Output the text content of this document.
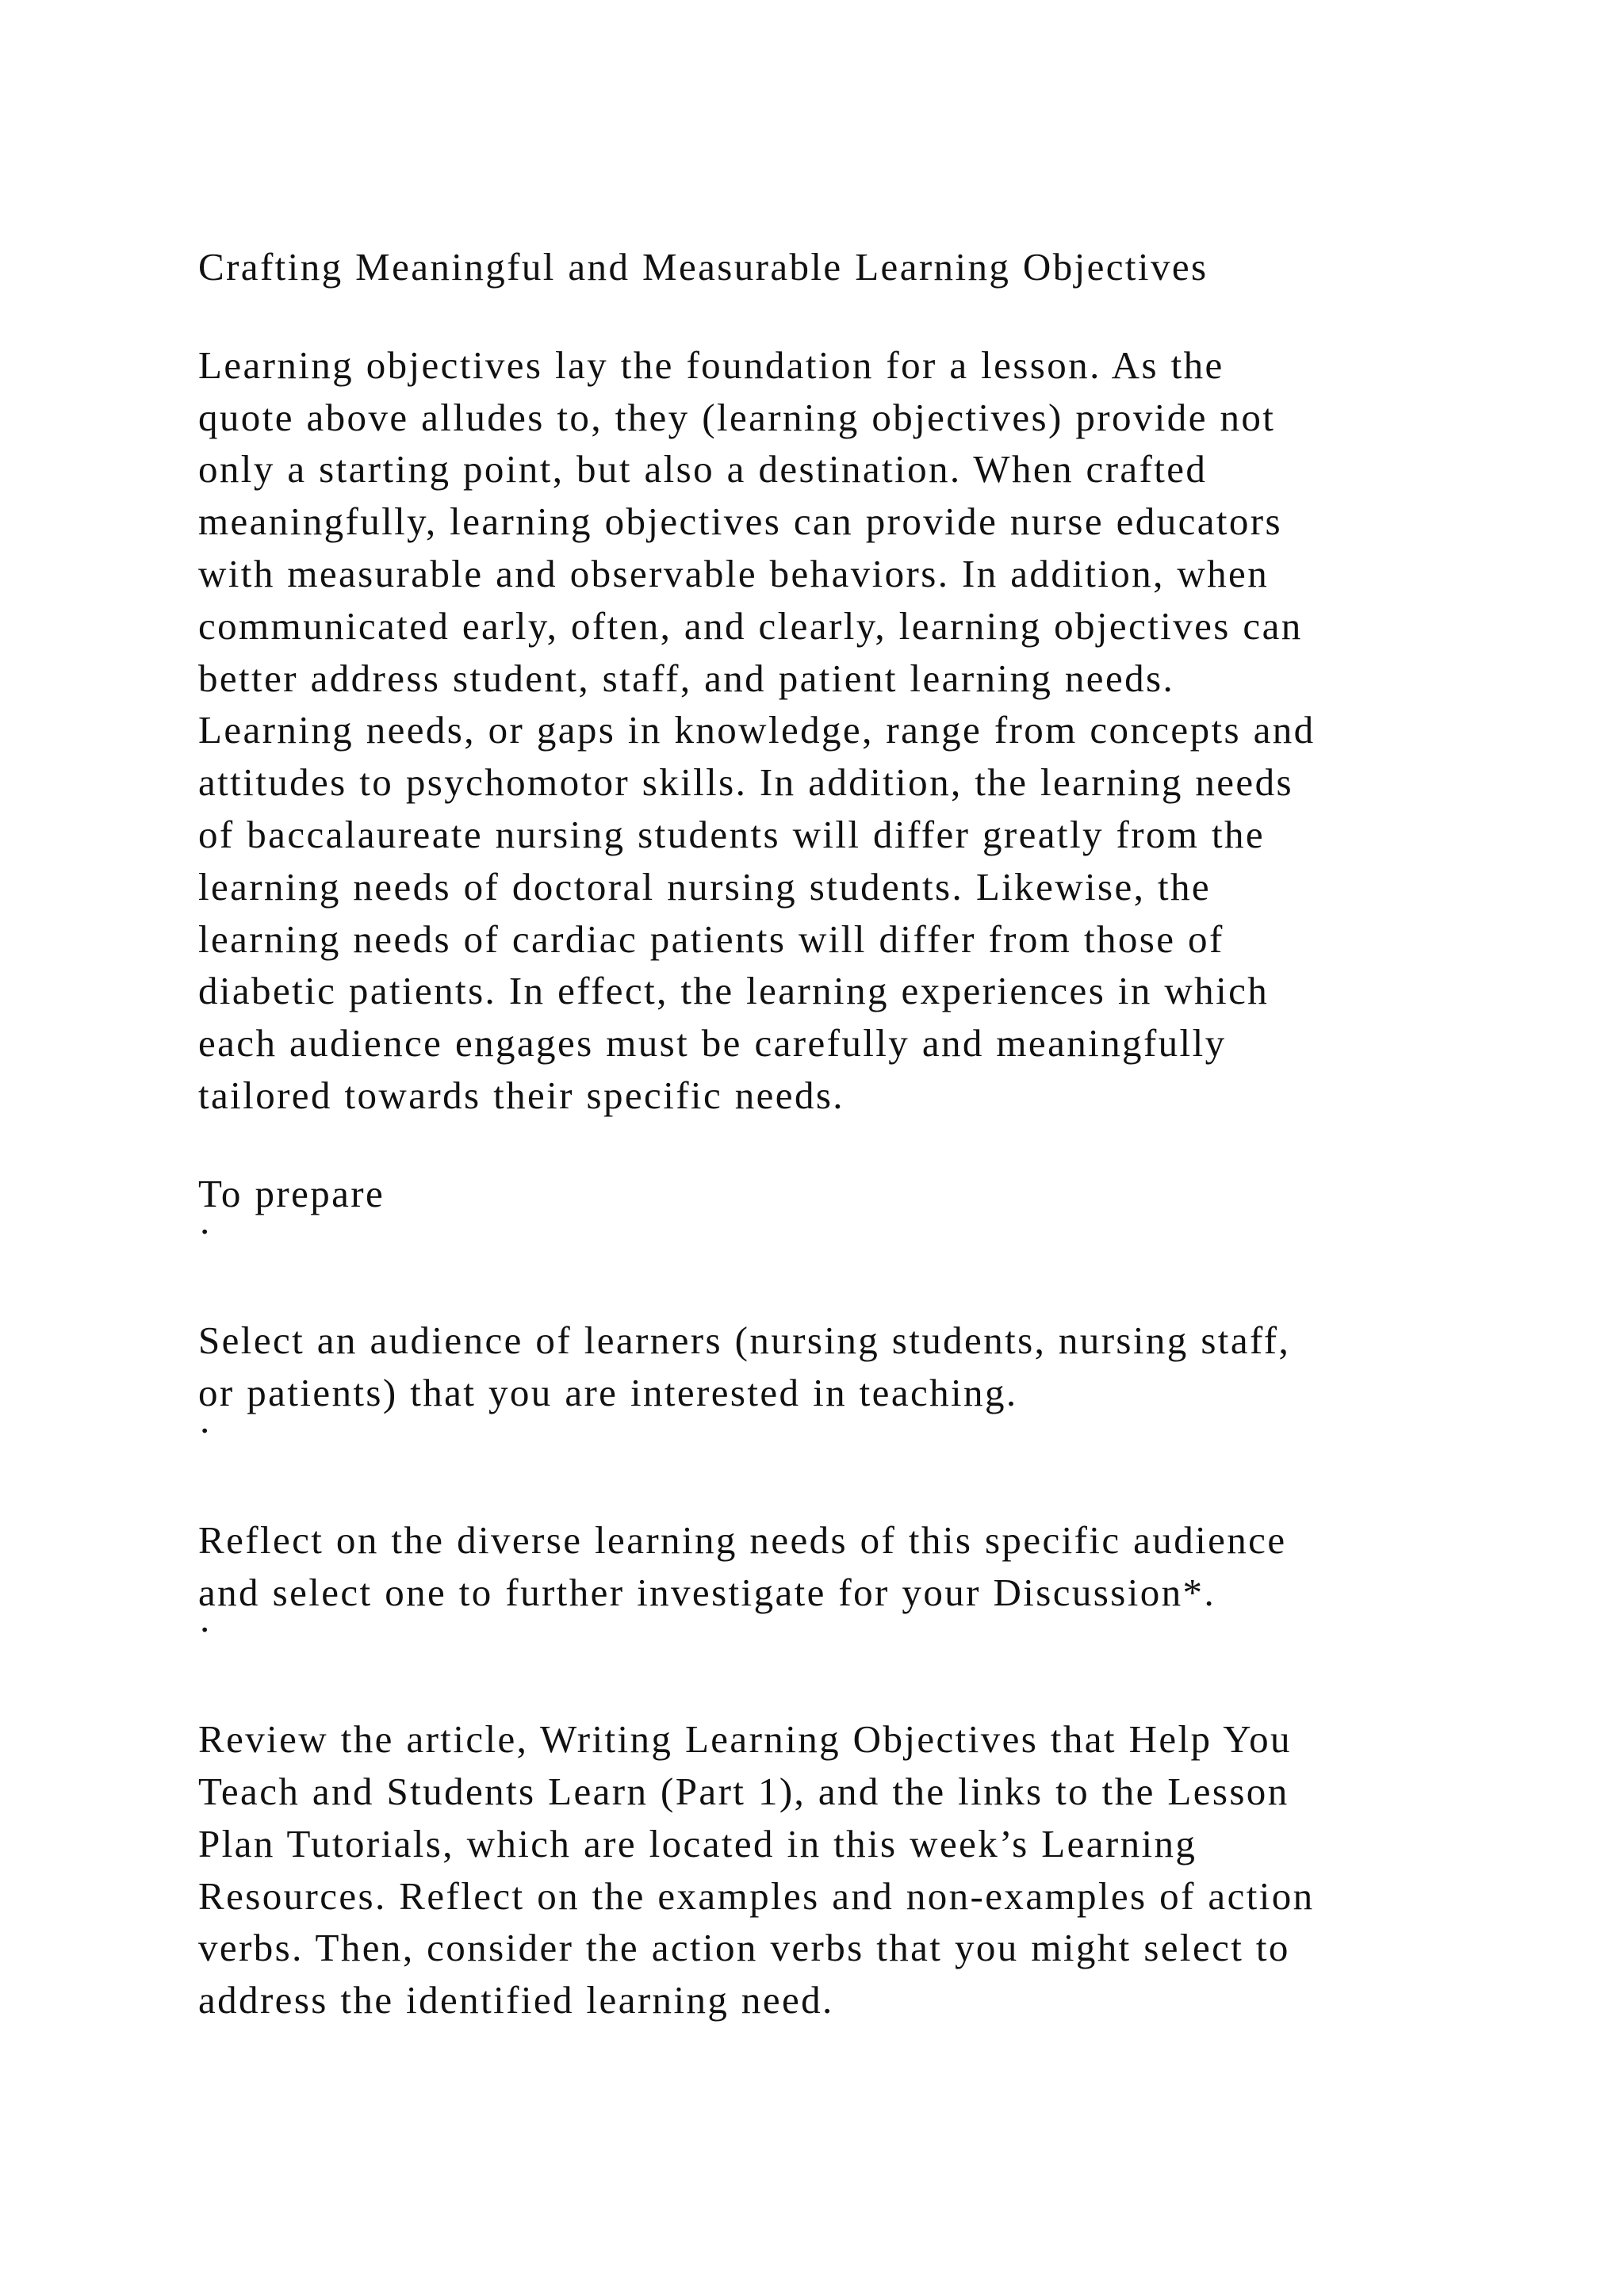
Crafting Meaningful and Measurable Learning Objectives
Learning objectives lay the foundation for a lesson. As the
quote above alludes to, they (learning objectives) provide not
only a starting point, but also a destination. When crafted
meaningfully, learning objectives can provide nurse educators
with measurable and observable behaviors. In addition, when
communicated early, often, and clearly, learning objectives can
better address student, staff, and patient learning needs.
Learning needs, or gaps in knowledge, range from concepts and
attitudes to psychomotor skills. In addition, the learning needs
of baccalaureate nursing students will differ greatly from the
learning needs of doctoral nursing students. Likewise, the
learning needs of cardiac patients will differ from those of
diabetic patients. In effect, the learning experiences in which
each audience engages must be carefully and meaningfully
tailored towards their specific needs.
To prepare
·
Select an audience of learners (nursing students, nursing staff,
or patients) that you are interested in teaching.
·
Reflect on the diverse learning needs of this specific audience
and select one to further investigate for your Discussion*.
·
Review the article, Writing Learning Objectives that Help You
Teach and Students Learn (Part 1), and the links to the Lesson
Plan Tutorials, which are located in this week’s Learning
Resources. Reflect on the examples and non-examples of action
verbs. Then, consider the action verbs that you might select to
address the identified learning need.
